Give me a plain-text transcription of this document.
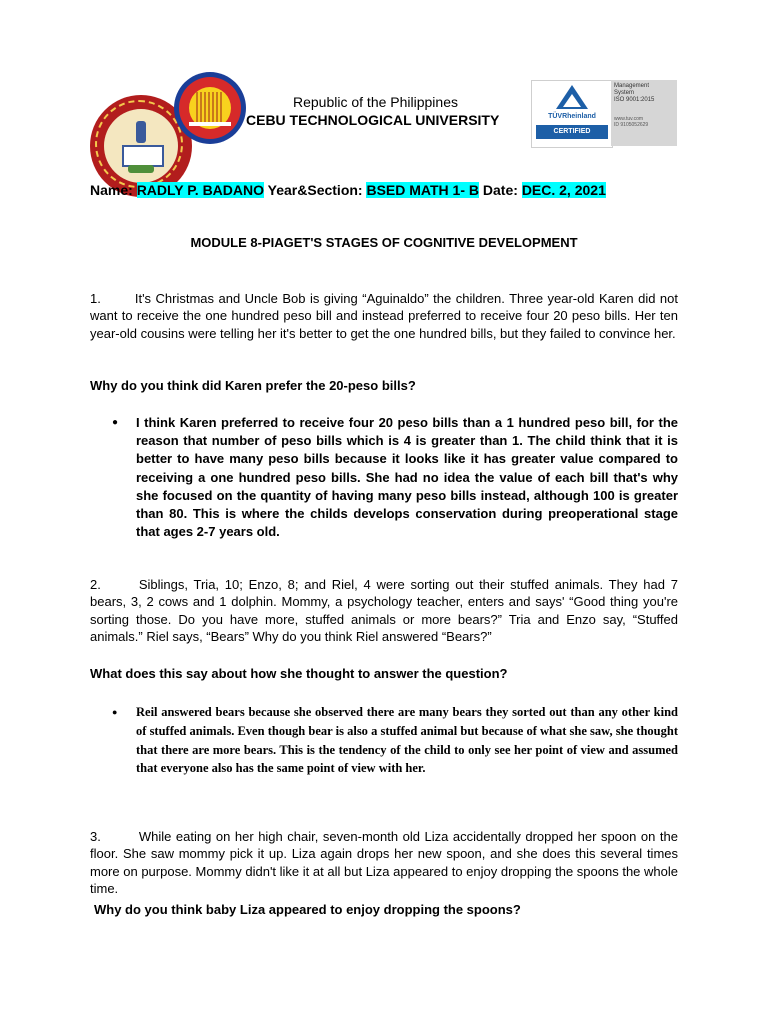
TÜVRheinland
CERTIFIED
Management
System
ISO 9001:2015
www.tuv.com
ID 9105052629
Republic of the Philippines
CEBU TECHNOLOGICAL UNIVERSITY
Name: RADLY P. BADANO Year&Section: BSED MATH 1- B Date: DEC. 2, 2021
MODULE 8-PIAGET'S STAGES OF COGNITIVE DEVELOPMENT
1.	It's Christmas and Uncle Bob is giving “Aguinaldo” the children. Three year-old Karen did not want to receive the one hundred peso bill and instead preferred to receive four 20 peso bills. Her ten year-old cousins were telling her it's better to get the one hundred bills, but they failed to convince her.
Why do you think did Karen prefer the 20-peso bills?
● I think Karen preferred to receive four 20 peso bills than a 1 hundred peso bill, for the reason that number of peso bills which is 4 is greater than 1. The child think that it is better to have many peso bills because it looks like it has greater value compared to receiving a one hundred peso bills. She had no idea the value of each bill that's why she focused on the quantity of having many peso bills instead, although 100 is greater than 80. This is where the childs develops conservation during preoperational stage that ages 2-7 years old.
2.	Siblings, Tria, 10; Enzo, 8; and Riel, 4 were sorting out their stuffed animals. They had 7 bears, 3, 2 cows and 1 dolphin. Mommy, a psychology teacher, enters and says' “Good thing you're sorting those. Do you have more, stuffed animals or more bears?” Tria and Enzo say, “Stuffed animals.” Riel says, “Bears” Why do you think Riel answered “Bears?”
What does this say about how she thought to answer the question?
● Reil answered bears because she observed there are many bears they sorted out than any other kind of stuffed animals. Even though bear is also a stuffed animal but because of what she saw, she thought that there are more bears. This is the tendency of the child to only see her point of view and assumed that everyone also has the same point of view with her.
3.	While eating on her high chair, seven-month old Liza accidentally dropped her spoon on the floor. She saw mommy pick it up. Liza again drops her new spoon, and she does this several times more on purpose. Mommy didn't like it at all but Liza appeared to enjoy dropping the spoons the whole time.
Why do you think baby Liza appeared to enjoy dropping the spoons?
